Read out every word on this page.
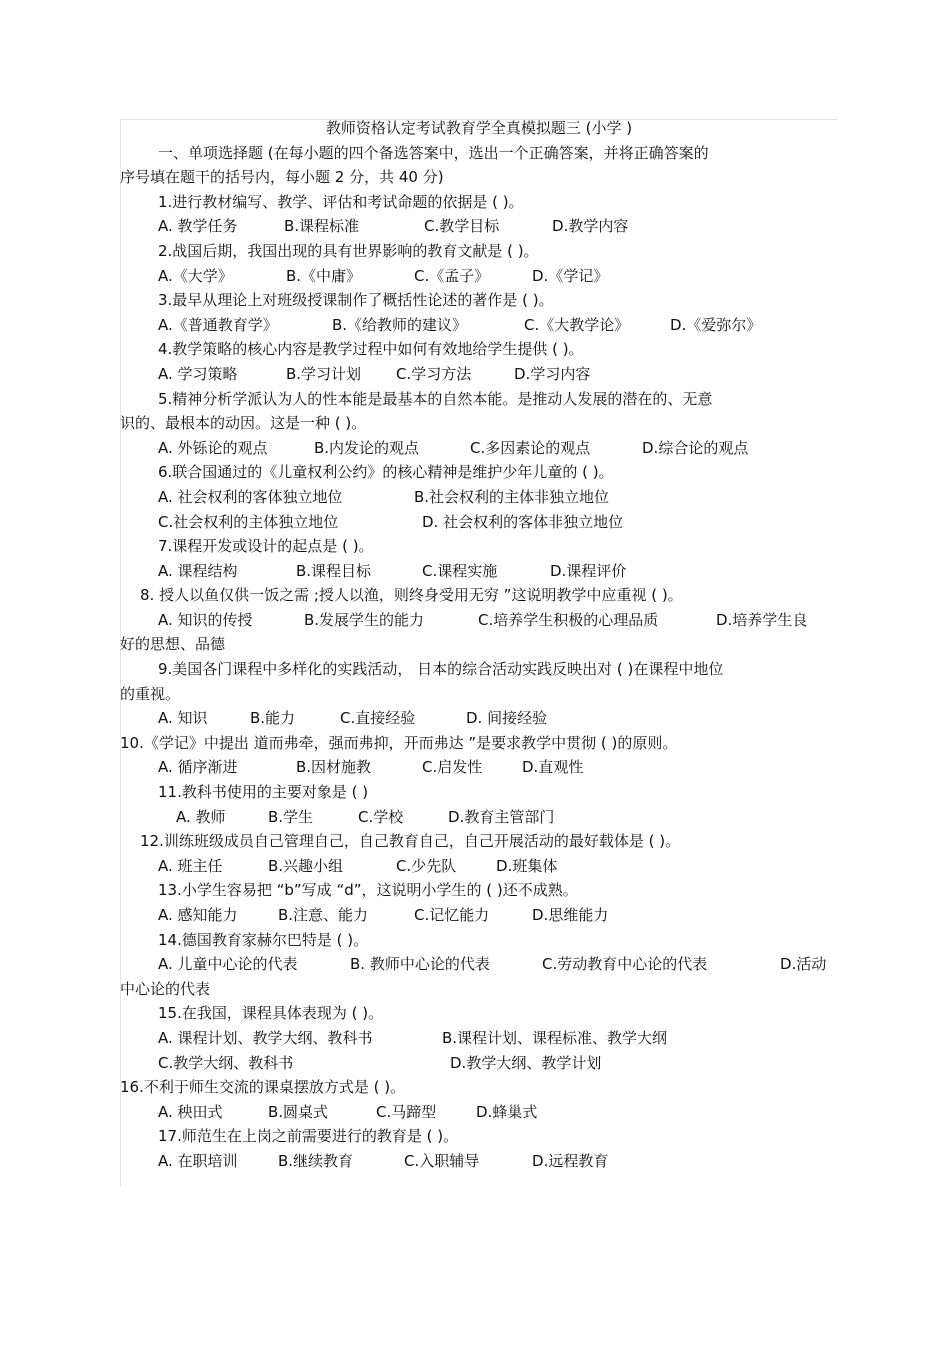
教师资格认定考试教育学全真模拟题三 (小学 )
一、单项选择题 (在每小题的四个备选答案中，选出一个正确答案，并将正确答案的
序号填在题干的括号内，每小题 2 分，共 40 分)
1.进行教材编写、教学、评估和考试命题的依据是 ( )。
A. 教学任务	B.课程标准	C.教学目标	D.教学内容
2.战国后期，我国出现的具有世界影响的教育文献是 ( )。
A.《大学》	B.《中庸》	C.《孟子》	D.《学记》
3.最早从理论上对班级授课制作了概括性论述的著作是 ( )。
A.《普通教育学》	B.《给教师的建议》	C.《大教学论》	D.《爱弥尔》
4.教学策略的核心内容是教学过程中如何有效地给学生提供 ( )。
A. 学习策略	B.学习计划	C.学习方法	D.学习内容
5.精神分析学派认为人的性本能是最基本的自然本能。是推动人发展的潜在的、无意
识的、最根本的动因。这是一种 ( )。
A. 外铄论的观点	B.内发论的观点	C.多因素论的观点	D.综合论的观点
6.联合国通过的《儿童权利公约》的核心精神是维护少年儿童的 ( )。
A. 社会权利的客体独立地位	B.社会权利的主体非独立地位
C.社会权利的主体独立地位	D. 社会权利的客体非独立地位
7.课程开发或设计的起点是 ( )。
A. 课程结构	B.课程目标	C.课程实施	D.课程评价
8. 授人以鱼仅供一饭之需 ;授人以渔，则终身受用无穷 ”这说明教学中应重视 ( )。
A. 知识的传授	B.发展学生的能力	C.培养学生积极的心理品质	D.培养学生良
好的思想、品德
9.美国各门课程中多样化的实践活动， 日本的综合活动实践反映出对 ( )在课程中地位
的重视。
A. 知识	B.能力	C.直接经验	D. 间接经验
10.《学记》中提出 道而弗牵，强而弗抑，开而弗达 ”是要求教学中贯彻 ( )的原则。
A. 循序渐进	B.因材施教	C.启发性	D.直观性
11.教科书使用的主要对象是 ( )
A. 教师	B.学生	C.学校	D.教育主管部门
12.训练班级成员自己管理自己，自己教育自己，自己开展活动的最好载体是 ( )。
A. 班主任	B.兴趣小组	C.少先队	D.班集体
13.小学生容易把 “b”写成 “d”，这说明小学生的 ( )还不成熟。
A. 感知能力	B.注意、能力	C.记忆能力	D.思维能力
14.德国教育家赫尔巴特是 ( )。
A. 儿童中心论的代表	B. 教师中心论的代表	C.劳动教育中心论的代表	D.活动
中心论的代表
15.在我国，课程具体表现为 ( )。
A. 课程计划、教学大纲、教科书	B.课程计划、课程标准、教学大纲
C.教学大纲、教科书	D.教学大纲、教学计划
16.不利于师生交流的课桌摆放方式是 ( )。
A. 秧田式	B.圆桌式	C.马蹄型	D.蜂巢式
17.师范生在上岗之前需要进行的教育是 ( )。
A. 在职培训	B.继续教育	C.入职辅导	D.远程教育
